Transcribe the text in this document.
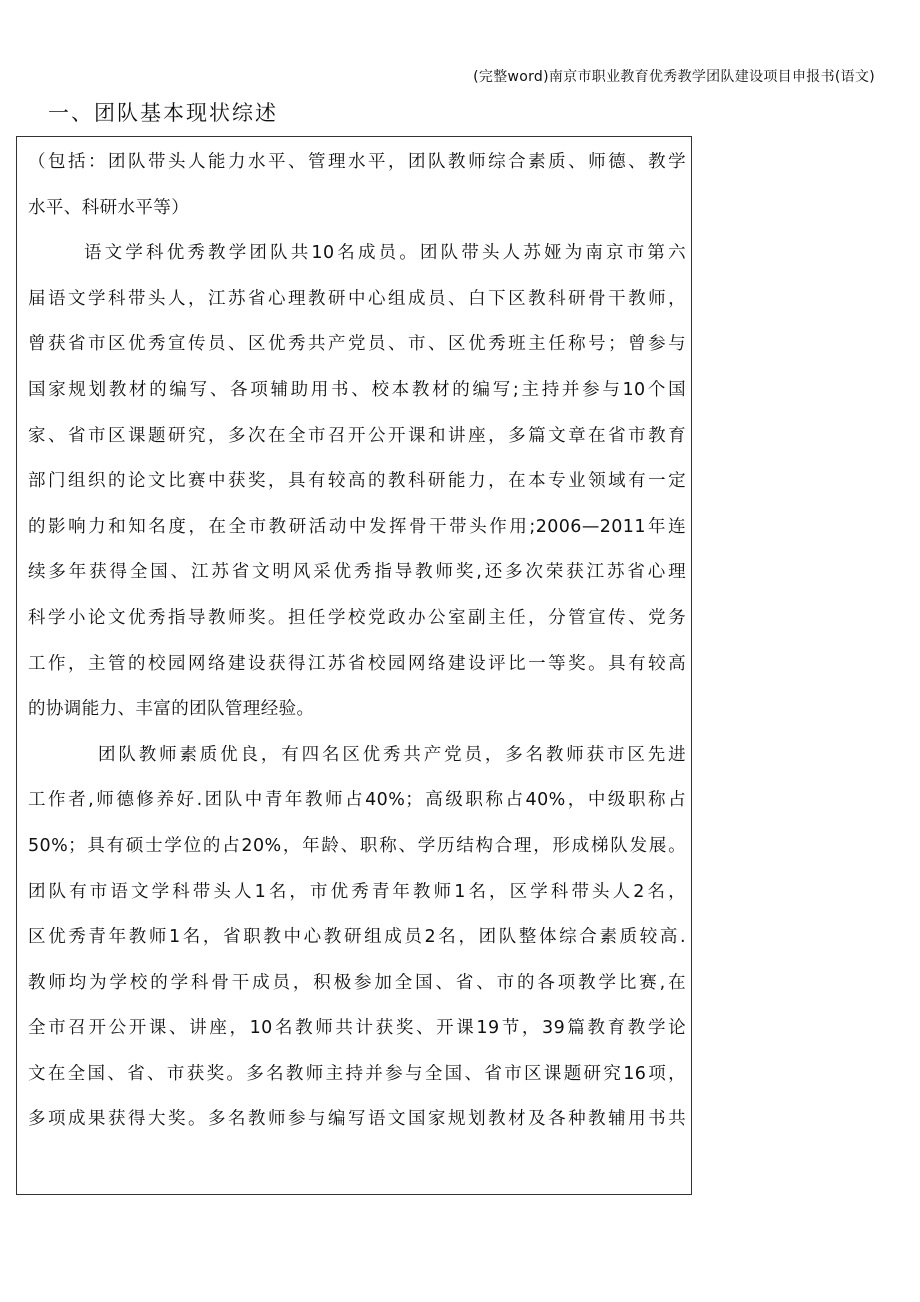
(完整word)南京市职业教育优秀教学团队建设项目申报书(语文)
一、团队基本现状综述
（包括：团队带头人能力水平、管理水平，团队教师综合素质、师德、教学
水平、科研水平等）
语文学科优秀教学团队共10名成员。团队带头人苏娅为南京市第六
届语文学科带头人，江苏省心理教研中心组成员、白下区教科研骨干教师，
曾获省市区优秀宣传员、区优秀共产党员、市、区优秀班主任称号；曾参与
国家规划教材的编写、各项辅助用书、校本教材的编写;主持并参与10个国
家、省市区课题研究，多次在全市召开公开课和讲座，多篇文章在省市教育
部门组织的论文比赛中获奖，具有较高的教科研能力，在本专业领域有一定
的影响力和知名度，在全市教研活动中发挥骨干带头作用;2006—2011年连
续多年获得全国、江苏省文明风采优秀指导教师奖,还多次荣获江苏省心理
科学小论文优秀指导教师奖。担任学校党政办公室副主任，分管宣传、党务
工作，主管的校园网络建设获得江苏省校园网络建设评比一等奖。具有较高
的协调能力、丰富的团队管理经验。
团队教师素质优良，有四名区优秀共产党员，多名教师获市区先进
工作者,师德修养好.团队中青年教师占40%；高级职称占40%，中级职称占
50%；具有硕士学位的占20%，年龄、职称、学历结构合理，形成梯队发展。
团队有市语文学科带头人1名，市优秀青年教师1名，区学科带头人2名，
区优秀青年教师1名，省职教中心教研组成员2名，团队整体综合素质较高.
教师均为学校的学科骨干成员，积极参加全国、省、市的各项教学比赛,在
全市召开公开课、讲座，10名教师共计获奖、开课19节，39篇教育教学论
文在全国、省、市获奖。多名教师主持并参与全国、省市区课题研究16项，
多项成果获得大奖。多名教师参与编写语文国家规划教材及各种教辅用书共
